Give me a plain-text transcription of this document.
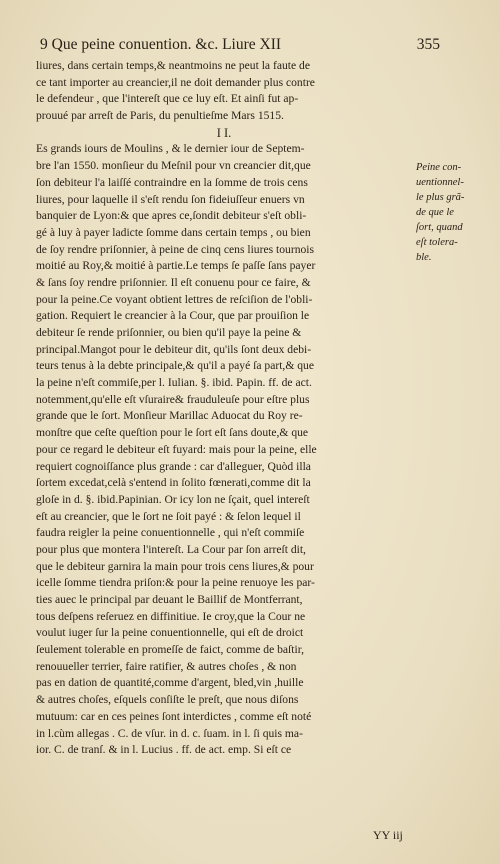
9 Que peine conuention. &c. Liure XII	355
liures, dans certain temps,& neantmoins ne peut la faute de
ce tant importer au creancier,il ne doit demander plus contre
le defendeur , que l'intereſt que ce luy eſt. Et ainſi fut ap-
prouué par arreſt de Paris, du penultieſme Mars 1515.
I I.
Es grands iours de Moulins , & le dernier iour de Septem-
bre l'an 1550. monſieur du Meſnil pour vn creancier dit,que
ſon debiteur l'a laiſſé contraindre en la ſomme de trois cens
liures, pour laquelle il s'eſt rendu ſon fideiuſſeur enuers vn
banquier de Lyon:& que apres ce,ſondit debiteur s'eſt obli-
gé à luy à payer ladicte ſomme dans certain temps , ou bien
de ſoy rendre priſonnier, à peine de cinq cens liures tournois
moitié au Roy,& moitié à partie.Le temps ſe paſſe ſans payer
& ſans ſoy rendre priſonnier. Il eſt conuenu pour ce faire, &
pour la peine.Ce voyant obtient lettres de reſciſion de l'obli-
gation. Requiert le creancier à la Cour, que par prouiſion le
debiteur ſe rende priſonnier, ou bien qu'il paye la peine &
principal.Mangot pour le debiteur dit, qu'ils ſont deux debi-
teurs tenus à la debte principale,& qu'il a payé ſa part,& que
la peine n'eſt commiſe,per l. Iulian. §. ibid. Papin. ff. de act.
notemment,qu'elle eſt vſuraire& frauduleuſe pour eſtre plus
grande que le ſort. Monſieur Marillac Aduocat du Roy re-
monſtre que ceſte queſtion pour le ſort eſt ſans doute,& que
pour ce regard le debiteur eſt fuyard: mais pour la peine, elle
requiert cognoiſſance plus grande : car d'alleguer, Quòd illa
ſortem excedat,celà s'entend in ſolito fœnerati,comme dit la
gloſe in d. §. ibid.Papinian. Or icy lon ne ſçait, quel intereſt
eſt au creancier, que le ſort ne ſoit payé : & ſelon lequel il
faudra reigler la peine conuentionnelle , qui n'eſt commiſe
pour plus que montera l'intereſt. La Cour par ſon arreſt dit,
que le debiteur garnira la main pour trois cens liures,& pour
icelle ſomme tiendra priſon:& pour la peine renuoye les par-
ties auec le principal par deuant le Baillif de Montferrant,
tous deſpens reſeruez en diffinitiue. Ie croy,que la Cour ne
voulut iuger ſur la peine conuentionnelle, qui eſt de droict
ſeulement tolerable en promeſſe de faict, comme de baſtir,
renouueller terrier, faire ratifier, & autres choſes , & non
pas en dation de quantité,comme d'argent, bled,vin ,huille
& autres choſes, eſquels conſiſte le preſt, que nous diſons
mutuum: car en ces peines ſont interdictes , comme eſt noté
in l.cùm allegas . C. de vſur. in d. c. ſuam. in l. ſi quis ma-
ior. C. de tranſ. & in l. Lucius . ff. de act. emp. Si eſt ce
Peine con-
uentionnel-
le plus grã-
de que le
ſort, quand
eſt tolera-
ble.
YY iij
